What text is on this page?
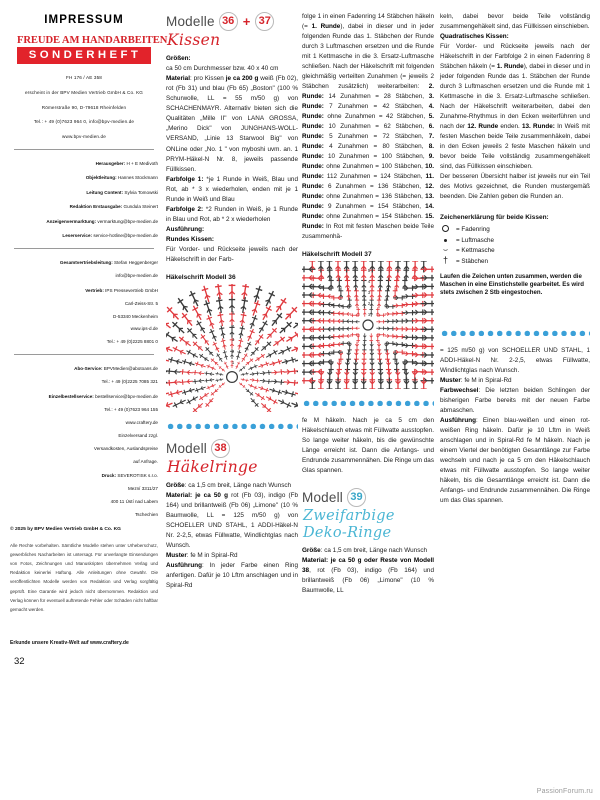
IMPRESSUM
FREUDE AM HANDARBEITEN
SONDERHEFT
FH 176 / AE 358
erscheint in der BPV Medien Vertrieb GmbH & Co. KG
Römerstraße 90, D-79618 Rheinfelden
Tel.: + 49 (0)7623 964 0, info@bpv-medien.de
www.bpv-medien.de
Herausgeber: H + E Medivoth
Objektleitung: Hannes Stockmann
Leitung Content: Sylvia Tomowski
Redaktion Erstausgabe: Gundula Steinert
Anzeigenvermarktung: vermarktung@bpv-medien.de
Leserservice: service-hotline@bpv-medien.de
Gesamtvertriebsleitung: Stefan Heggenberger
info@bpv-medien.de
Vertrieb: IPS Pressevertrieb GmbH
Carl-Zeiss-Str. 5
D-53340 Meckenheim
www.ips-d.de
Tel.: + 49 (0)2225 8801 0
Abo-Service: BPVMedien@abotoans.de
Tel.: + 49 (0)2225 7085 321
Einzelbestellservice: bestellservice@bpv-medien.de
Tel.: + 49 (0)7623 964 155
www.craftery.de
Einzelversand zzgl.
Versandkosten, Auslandspreise
auf Anfrage.
Druck: SEVEROTISK s.r.o.
Mezní 3311/27
400 11 Ústí nad Labem
Tschechien
© 2025 by BPV Medien Vertrieb GmbH & Co. KG
Alle Rechte vorbehalten. Sämtliche Modelle stehen unter Urheberschutz, gewerbliches Nacharbeiten ist untersagt. Für unverlangte Einsendungen von Fotos, Zeichnungen und Manuskripten übernehmen Verlag und Redaktion keinerlei Haftung. Alle Anleitungen ohne Gewähr. Die veröffentlichten Modelle werden von Redaktion und Verlag sorgfältig geprüft. Eine Garantie wird jedoch nicht übernommen. Redaktion und Verlag können für eventuell auftretende Fehler oder Schäden nicht haftbar gemacht werden.
Erkunde unsere Kreativ-Welt auf www.craftery.de
32
Modelle 36 + 37
Kissen

Größen:

ca 50 cm Durchmesser bzw. 40 x 40 cm

Material: pro Kissen je ca 200 g weiß (Fb 02), rot (Fb 31) und blau (Fb 65) „Boston" (100 % Schurwolle, LL = 55 m/50 g) von SCHACHENMAYR. Alternativ bieten sich die Qualitäten „Mille II" von LANA GROSSA, „Merino Dick" von JUNGHANS-WOLL-VERSAND, „Linie 13 Starwool Big" von ONLine oder „No. 1 " von myboshi uvm. an. 1 PRYM-Häkel-N Nr. 8, jeweils passende Füllkissen.

Farbfolge 1: *je 1 Runde in Weiß, Blau und Rot, ab * 3 x wiederholen, enden mit je 1 Runde in Weiß und Blau

Farbfolge 2: *2 Runden in Weiß, je 1 Runde in Blau und Rot, ab * 2 x wiederholen

Ausführung:

Rundes Kissen:

Für Vorder- und Rückseite jeweils nach der Häkelschrift in der Farb-

Häkelschrift Modell 36
1
2
3
4
5
Modell 38
Häkelringe

Größe: ca 1,5 cm breit, Länge nach Wunsch

Material: je ca 50 g rot (Fb 03), indigo (Fb 164) und brillantweiß (Fb 06) „Limone" (10 % Baumwolle, LL = 125 m/50 g) von SCHOELLER UND STAHL, 1 ADDI-Häkel-N Nr. 2-2,5, etwas Füllwatte, Windlichtglas nach Wunsch.

Muster: fe M in Spiral-Rd

Ausführung: In jeder Farbe einen Ring anfertigen. Dafür je 10 Lftm anschlagen und in Spiral-Rd

folge 1 in einen Fadenring 14 Stäbchen häkeln (= 1. Runde), dabei in dieser und in jeder folgenden Runde das 1. Stäbchen der Runde durch 3 Luftmaschen ersetzen und die Runde mit 1 Kettmasche in die 3. Ersatz-Luftmasche schließen. Nach der Häkelschrift mit folgenden gleichmäßig verteilten Zunahmen (= jeweils 2 Stäbchen zusätzlich) weiterarbeiten: 2. Runde: 14 Zunahmen = 28 Stäbchen, 3. Runde: 7 Zunahmen = 42 Stäbchen, 4. Runde: ohne Zunahmen = 42 Stäbchen, 5. Runde: 10 Zunahmen = 62 Stäbchen, 6. Runde: 5 Zunahmen = 72 Stäbchen, 7. Runde: 4 Zunahmen = 80 Stäbchen, 8. Runde: 10 Zunahmen = 100 Stäbchen, 9. Runde: ohne Zunahmen = 100 Stäbchen, 10. Runde: 112 Zunahmen = 124 Stäbchen, 11. Runde: 6 Zunahmen = 136 Stäbchen, 12. Runde: ohne Zunahmen = 136 Stäbchen, 13. Runde: 9 Zunahmen = 154 Stäbchen, 14. Runde: ohne Zunahmen = 154 Stäbchen. 15. Runde: In Rot mit festen Maschen beide Teile zusammenhä-

Häkelschrift Modell 37
1
2
3
4
5

fe M häkeln. Nach je ca 5 cm den Häkelschlauch etwas mit Füllwatte ausstopfen. So lange weiter häkeln, bis die gewünschte Länge erreicht ist. Dann die Anfangs- und Endrunde zusammennähen. Die Ringe um das Glas spannen.

Modell 39
Zweifarbige
Deko-Ringe

Größe: ca 1,5 cm breit, Länge nach Wunsch

Material: je ca 50 g oder Reste von Modell 38, rot (Fb 03), indigo (Fb 164) und brillantweiß (Fb 06) „Limone" (10 % Baumwolle, LL

keln, dabei bevor beide Teile vollständig zusammengehäkelt sind, das Füllkissen einschieben.

Quadratisches Kissen:

Für Vorder- und Rückseite jeweils nach der Häkelschrift in der Farbfolge 2 in einen Fadenring 8 Stäbchen häkeln (= 1. Runde), dabei in dieser und in jeder folgenden Runde das 1. Stäbchen der Runde durch 3 Luftmaschen ersetzen und die Runde mit 1 Kettmasche in die 3. Ersatz-Luftmasche schließen. Nach der Häkelschrift weiterarbeiten, dabei den Zunahme-Rhythmus in den Ecken weiterführen und nach der 12. Runde enden. 13. Runde: In Weiß mit festen Maschen beide Teile zusammenhäkeln, dabei in den Ecken jeweils 2 feste Maschen häkeln und bevor beide Teile vollständig zusammengehäkelt sind, das Füllkissen einschieben.

Der besseren Übersicht halber ist jeweils nur ein Teil des Motivs gezeichnet, die Runden mustergemäß beenden. Die Zahlen geben die Runden an.

Zeichenerklärung für beide Kissen:
= Fadenring
= Luftmasche
⌣	= Kettmasche
†	= Stäbchen
Laufen die Zeichen unten zusammen, werden die Maschen in eine Einstichstelle gearbeitet. Es wird stets zwischen 2 Stb eingestochen.

= 125 m/50 g) von SCHOELLER UND STAHL, 1 ADDI-Häkel-N Nr. 2-2,5, etwas Füllwatte, Windlichtglas nach Wunsch.

Muster: fe M in Spiral-Rd

Farbwechsel: Die letzten beiden Schlingen der bisherigen Farbe bereits mit der neuen Farbe abmaschen.

Ausführung: Einen blau-weißen und einen rot-weißen Ring häkeln. Dafür je 10 Lftm in Weiß anschlagen und in Spiral-Rd fe M häkeln. Nach je einem Viertel der benötigten Gesamtlänge zur Farbe wechseln und nach je ca 5 cm den Häkelschlauch etwas mit Füllwatte ausstopfen. So lange weiter häkeln, bis die Gesamtlänge erreicht ist. Dann die Anfangs- und Endrunde zusammennähen. Die Ringe um das Glas spannen.

PassionForum.ru
